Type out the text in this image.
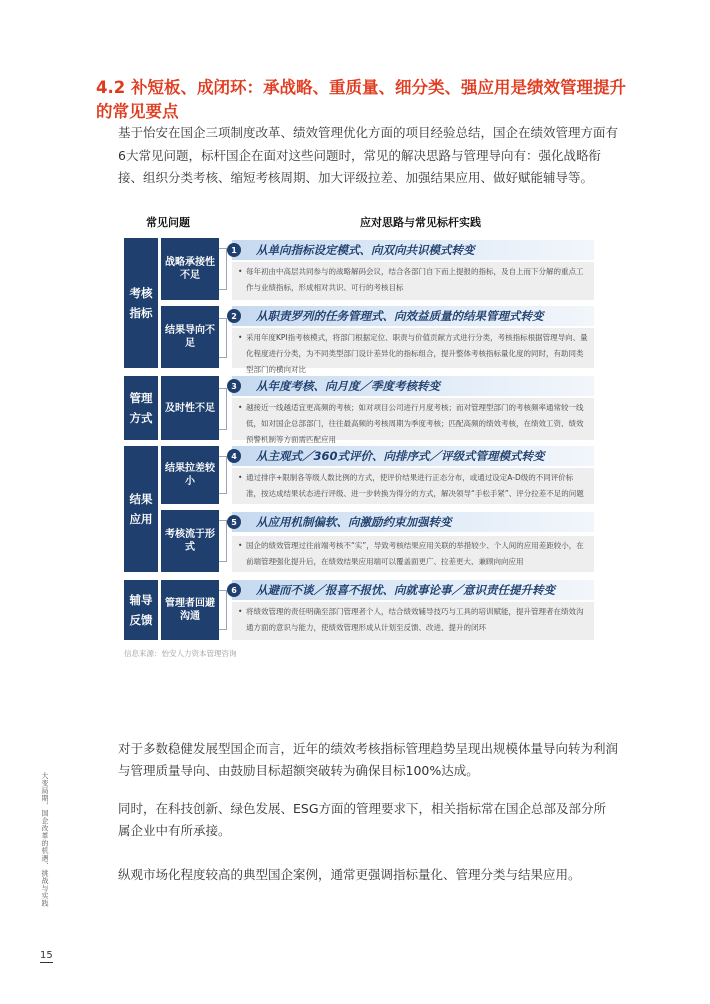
4.2 补短板、成闭环：承战略、重质量、细分类、强应用是绩效管理提升的常见要点
基于怡安在国企三项制度改革、绩效管理优化方面的项目经验总结，国企在绩效管理方面有6大常见问题，标杆国企在面对这些问题时，常见的解决思路与管理导向有：强化战略衔接、组织分类考核、缩短考核周期、加大评级拉差、加强结果应用、做好赋能辅导等。
常见问题	应对思路与常见标杆实践
考核指标
管理方式
结果应用
辅导反馈
战略承接性不足
结果导向不足
及时性不足
结果拉差较小
考核流于形式
管理者回避沟通
从单向指标设定模式、向双向共识模式转变
1
• 每年初由中高层共同参与的战略解码会议，结合各部门自下而上提报的指标，及自上而下分解的重点工作与业绩指标，形成相对共识、可行的考核目标
从职责罗列的任务管理式、向效益质量的结果管理式转变
2
• 采用年度KPI指考核模式，将部门根据定位、职责与价值贡献方式进行分类，考核指标根据管理导向、量化程度进行分类，为不同类型部门设计差异化的指标组合，提升整体考核指标量化度的同时，有助同类型部门的横向对比
从年度考核、向月度／季度考核转变
3
• 越接近一线越适宜更高频的考核；如对项目公司进行月度考核；而对管理型部门的考核频率通常较一线低，如对国企总部部门，往往最高频的考核周期为季度考核；匹配高频的绩效考核，在绩效工资、绩效预警机制等方面需匹配应用
从主观式／360式评价、向排序式／评级式管理模式转变
4
• 通过排序+限制各等级人数比例的方式，使评价结果进行正态分布，或通过设定A-D级的不同评价标准，按达成结果状态进行评级、进一步转换为得分的方式，解决领导“手松手紧”、评分拉差不足的问题
从应用机制偏软、向激励约束加强转变
5
• 国企的绩效管理过往前端考核不“实”，导致考核结果应用关联的举措较少、个人间的应用差距较小，在前端管理强化提升后，在绩效结果应用端可以覆盖面更广、拉差更大、兼顾向向应用
从避而不谈／报喜不报忧、向就事论事／意识责任提升转变
6
• 将绩效管理的责任明确至部门管理者个人，结合绩效辅导技巧与工具的培训赋能，提升管理者在绩效沟通方面的意识与能力，使绩效管理形成从计划至反馈、改进、提升的闭环
信息来源：怡安人力资本管理咨询
对于多数稳健发展型国企而言，近年的绩效考核指标管理趋势呈现出规模体量导向转为利润与管理质量导向、由鼓励目标超额突破转为确保目标100%达成。
同时，在科技创新、绿色发展、ESG方面的管理要求下，相关指标常在国企总部及部分所属企业中有所承接。
纵观市场化程度较高的典型国企案例，通常更强调指标量化、管理分类与结果应用。
大变局期，国企改革的机遇、挑战与实践
15
